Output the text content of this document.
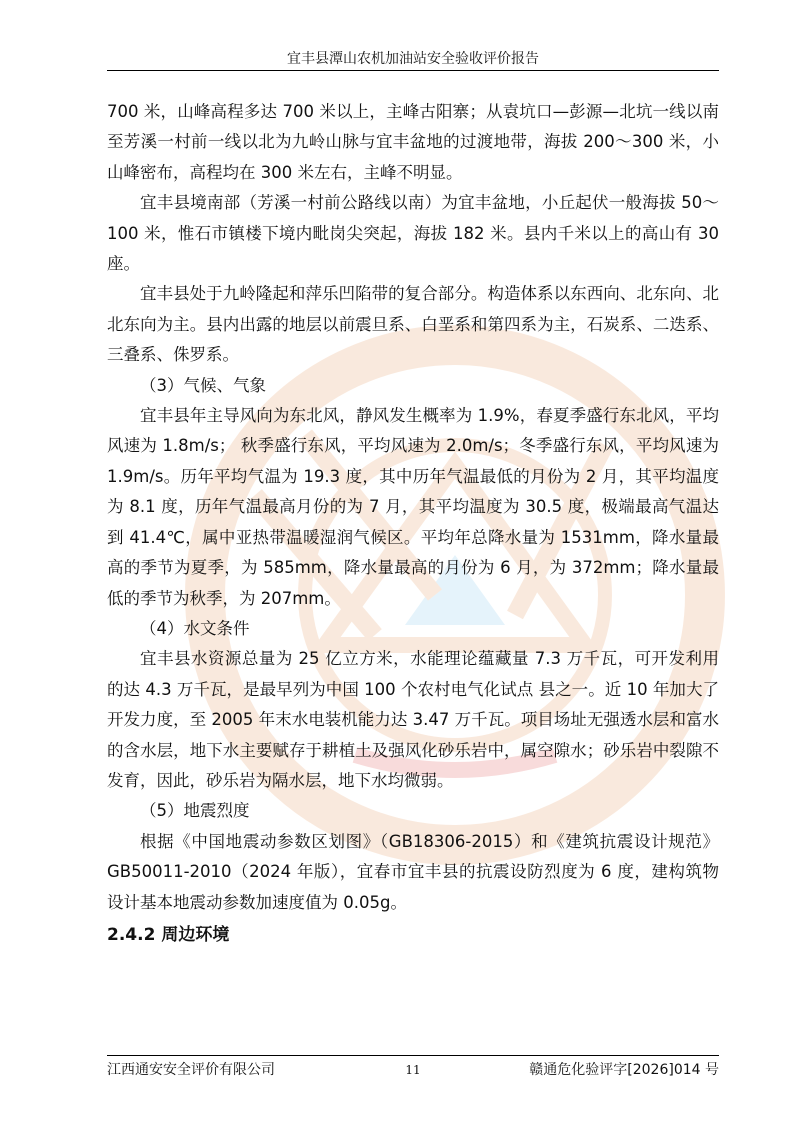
宜丰县潭山农机加油站安全验收评价报告

700 米，山峰高程多达 700 米以上，主峰古阳寨；从袁坑口—彭源—北坑一线以南至芳溪一村前一线以北为九岭山脉与宜丰盆地的过渡地带，海拔 200～300 米，小山峰密布，高程均在 300 米左右，主峰不明显。

宜丰县境南部（芳溪一村前公路线以南）为宜丰盆地，小丘起伏一般海拔 50～100 米，惟石市镇楼下境内毗岗尖突起，海拔 182 米。县内千米以上的高山有 30 座。

宜丰县处于九岭隆起和萍乐凹陷带的复合部分。构造体系以东西向、北东向、北北东向为主。县内出露的地层以前震旦系、白垩系和第四系为主，石炭系、二迭系、三叠系、侏罗系。

（3）气候、气象

宜丰县年主导风向为东北风，静风发生概率为 1.9%，春夏季盛行东北风，平均风速为 1.8m/s； 秋季盛行东风，平均风速为 2.0m/s；冬季盛行东风，平均风速为 1.9m/s。历年平均气温为 19.3 度，其中历年气温最低的月份为 2 月，其平均温度为 8.1 度，历年气温最高月份的为 7 月，其平均温度为 30.5 度，极端最高气温达到 41.4℃，属中亚热带温暖湿润气候区。平均年总降水量为 1531mm，降水量最高的季节为夏季，为 585mm，降水量最高的月份为 6 月，为 372mm；降水量最低的季节为秋季，为 207mm。

（4）水文条件

宜丰县水资源总量为 25 亿立方米，水能理论蕴藏量 7.3 万千瓦，可开发利用的达 4.3 万千瓦，是最早列为中国 100 个农村电气化试点 县之一。近 10 年加大了开发力度，至 2005 年末水电装机能力达 3.47 万千瓦。项目场址无强透水层和富水的含水层，地下水主要赋存于耕植土及强风化砂乐岩中，属空隙水；砂乐岩中裂隙不发育，因此，砂乐岩为隔水层，地下水均微弱。

（5）地震烈度

根据《中国地震动参数区划图》（GB18306-2015）和《建筑抗震设计规范》GB50011-2010（2024 年版），宜春市宜丰县的抗震设防烈度为 6 度，建构筑物设计基本地震动参数加速度值为 0.05g。

2.4.2 周边环境
江西通安安全评价有限公司	11	赣通危化验评字[2026]014 号
